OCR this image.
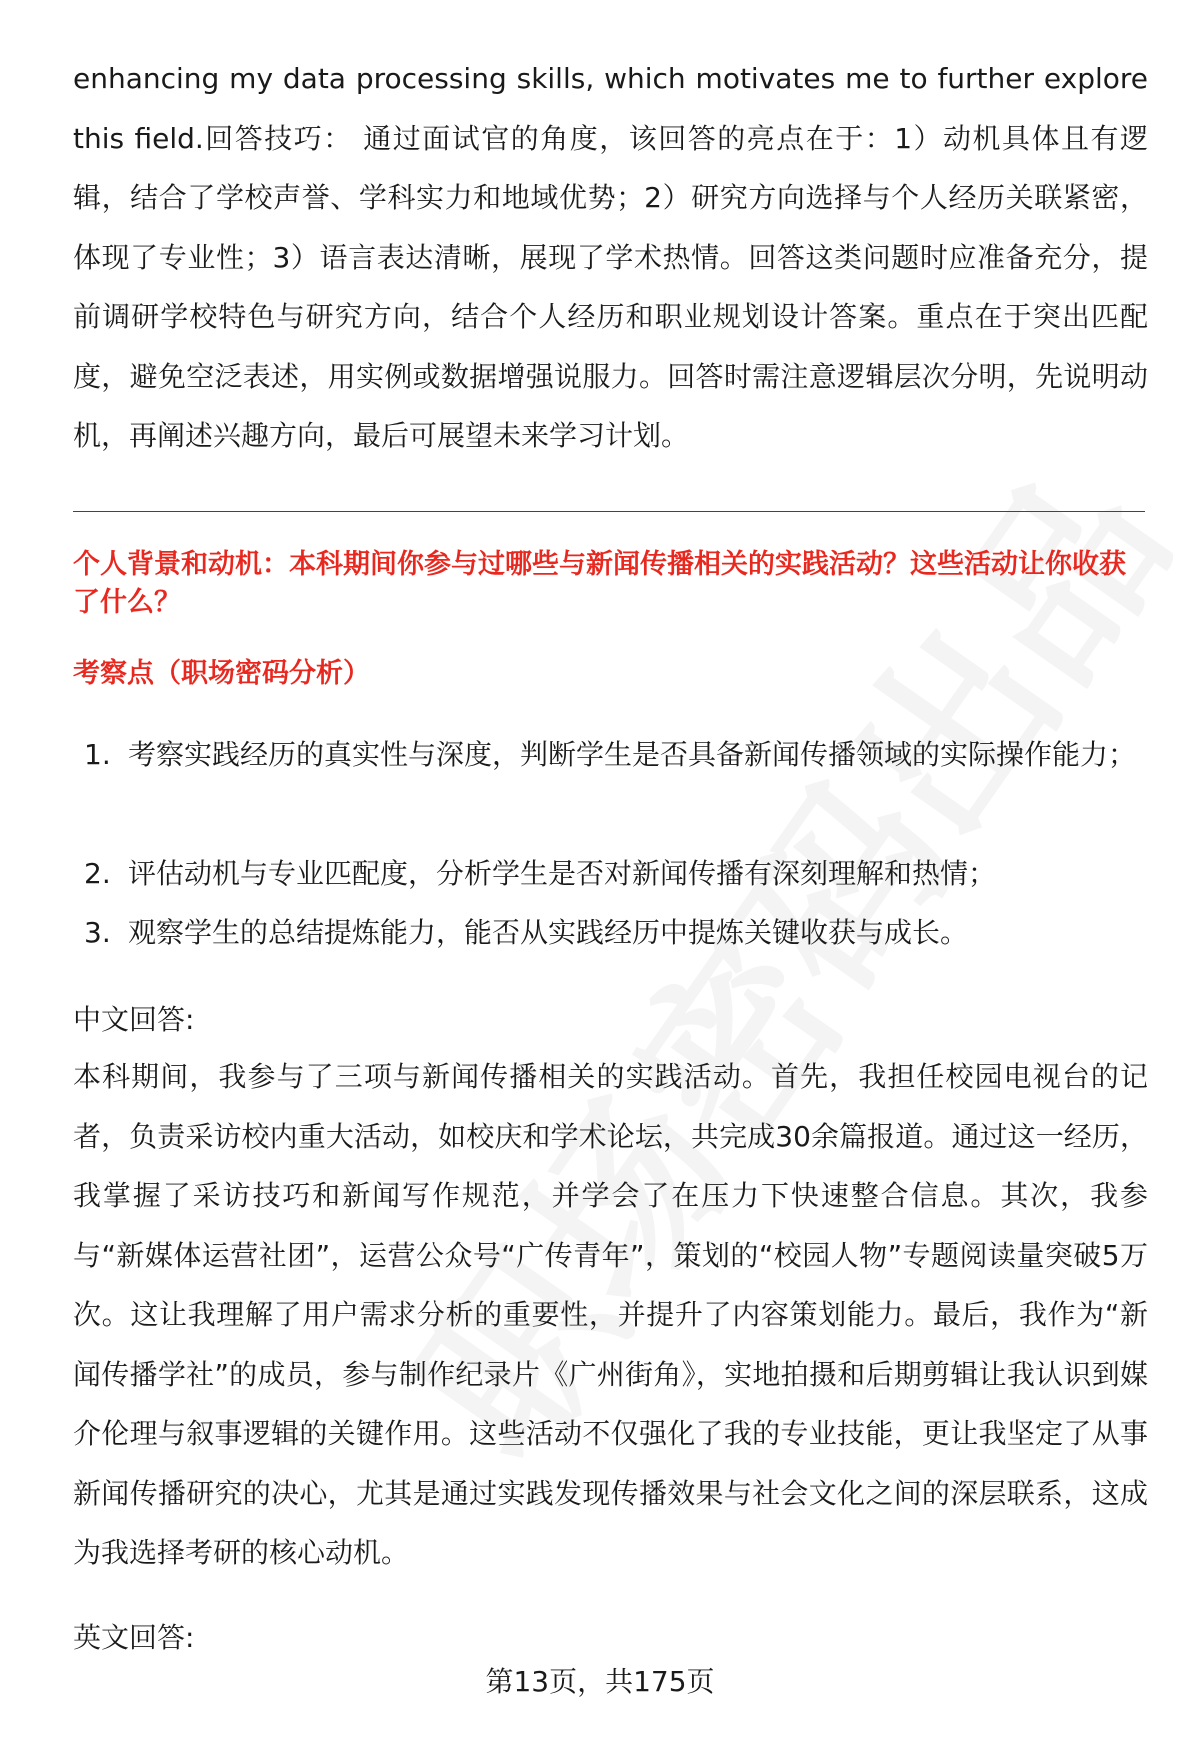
enhancing my data processing skills, which motivates me to further explore this field.回答技巧： 通过面试官的角度，该回答的亮点在于：1）动机具体且有逻辑，结合了学校声誉、学科实力和地域优势；2）研究方向选择与个人经历关联紧密，体现了专业性；3）语言表达清晰，展现了学术热情。回答这类问题时应准备充分，提前调研学校特色与研究方向，结合个人经历和职业规划设计答案。重点在于突出匹配度，避免空泛表述，用实例或数据增强说服力。回答时需注意逻辑层次分明，先说明动机，再阐述兴趣方向，最后可展望未来学习计划。
个人背景和动机：本科期间你参与过哪些与新闻传播相关的实践活动？这些活动让你收获了什么？
考察点（职场密码分析）
1. 考察实践经历的真实性与深度，判断学生是否具备新闻传播领域的实际操作能力；
2. 评估动机与专业匹配度，分析学生是否对新闻传播有深刻理解和热情；
3. 观察学生的总结提炼能力，能否从实践经历中提炼关键收获与成长。
中文回答:
本科期间，我参与了三项与新闻传播相关的实践活动。首先，我担任校园电视台的记者，负责采访校内重大活动，如校庆和学术论坛，共完成30余篇报道。通过这一经历，我掌握了采访技巧和新闻写作规范，并学会了在压力下快速整合信息。其次，我参与“新媒体运营社团”，运营公众号“广传青年”，策划的“校园人物”专题阅读量突破5万次。这让我理解了用户需求分析的重要性，并提升了内容策划能力。最后，我作为“新闻传播学社”的成员，参与制作纪录片《广州街角》，实地拍摄和后期剪辑让我认识到媒介伦理与叙事逻辑的关键作用。这些活动不仅强化了我的专业技能，更让我坚定了从事新闻传播研究的决心，尤其是通过实践发现传播效果与社会文化之间的深层联系，这成为我选择考研的核心动机。
英文回答:
第13页，共175页
